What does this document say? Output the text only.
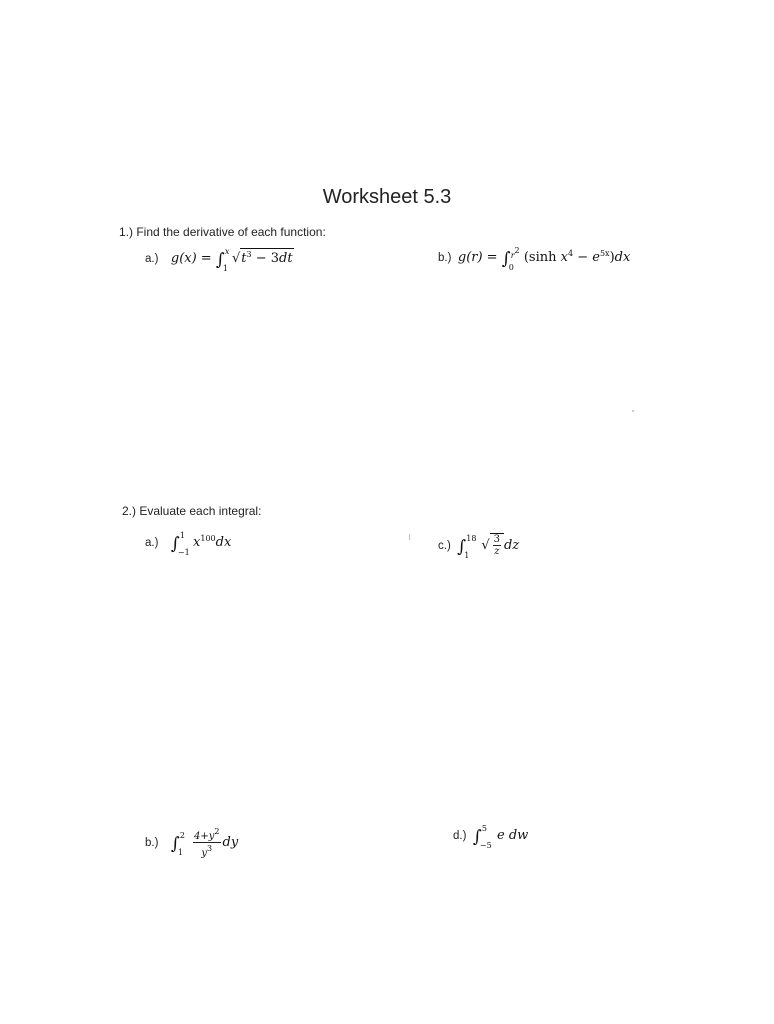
Worksheet 5.3
1.) Find the derivative of each function:
a.) g(x) = ∫ x
1
$√t^3 - 3dt$	b.) g(r) = ∫ $r^2$
0
(sinh $x^4 - e^{5x})dx$
2.) Evaluate each integral:
a.) ∫ 1
−1
$x^{100}dx$	c.) ∫ 18
1
√ $\frac{3}{z}$ dz
b.) ∫ 2
1
$\frac{4+y^2}{y^3}$ dy	d.) ∫ 5
−5
e dw
